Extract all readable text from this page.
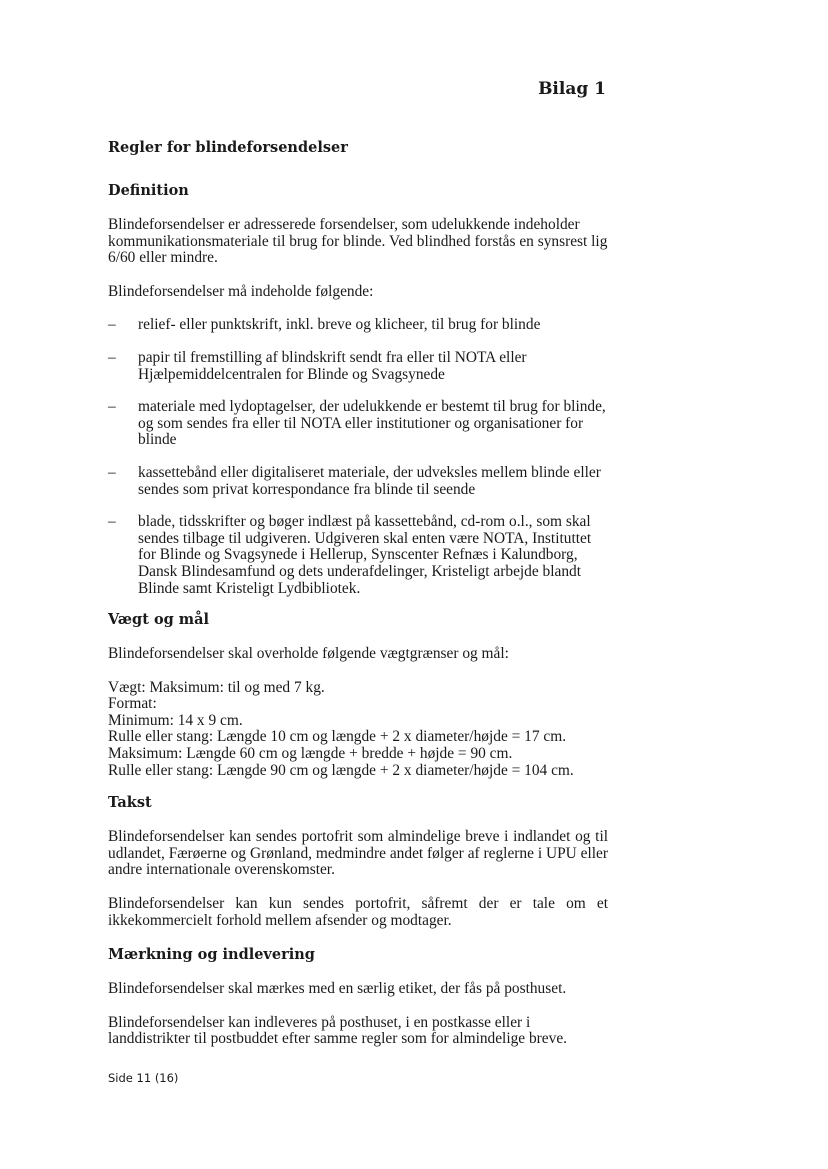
Bilag 1
Regler for blindeforsendelser
Definition

Blindeforsendelser er adresserede forsendelser, som udelukkende indeholder kommunikationsmateriale til brug for blinde. Ved blindhed forstås en synsrest lig 6/60 eller mindre.

Blindeforsendelser må indeholde følgende:

– relief- eller punktskrift, inkl. breve og klicheer, til brug for blinde
– papir til fremstilling af blindskrift sendt fra eller til NOTA eller Hjælpemiddelcentralen for Blinde og Svagsynede
– materiale med lydoptagelser, der udelukkende er bestemt til brug for blinde, og som sendes fra eller til NOTA eller institutioner og organisationer for blinde
– kassettebånd eller digitaliseret materiale, der udveksles mellem blinde eller sendes som privat korrespondance fra blinde til seende
– blade, tidsskrifter og bøger indlæst på kassettebånd, cd-rom o.l., som skal sendes tilbage til udgiveren. Udgiveren skal enten være NOTA, Instituttet for Blinde og Svagsynede i Hellerup, Synscenter Refnæs i Kalundborg, Dansk Blindesamfund og dets underafdelinger, Kristeligt arbejde blandt Blinde samt Kristeligt Lydbibliotek.
Vægt og mål

Blindeforsendelser skal overholde følgende vægtgrænser og mål:

Vægt: Maksimum: til og med 7 kg.

Format:

Minimum: 14 x 9 cm.

Rulle eller stang: Længde 10 cm og længde + 2 x diameter/højde = 17 cm.

Maksimum: Længde 60 cm og længde + bredde + højde = 90 cm.

Rulle eller stang: Længde 90 cm og længde + 2 x diameter/højde = 104 cm.

Takst

Blindeforsendelser kan sendes portofrit som almindelige breve i indlandet og til udlandet, Færøerne og Grønland, medmindre andet følger af reglerne i UPU eller andre internationale overenskomster.

Blindeforsendelser kan kun sendes portofrit, såfremt der er tale om et ikkekommercielt forhold mellem afsender og modtager.

Mærkning og indlevering

Blindeforsendelser skal mærkes med en særlig etiket, der fås på posthuset.

Blindeforsendelser kan indleveres på posthuset, i en postkasse eller i landdistrikter til postbuddet efter samme regler som for almindelige breve.

Side 11 (16)
